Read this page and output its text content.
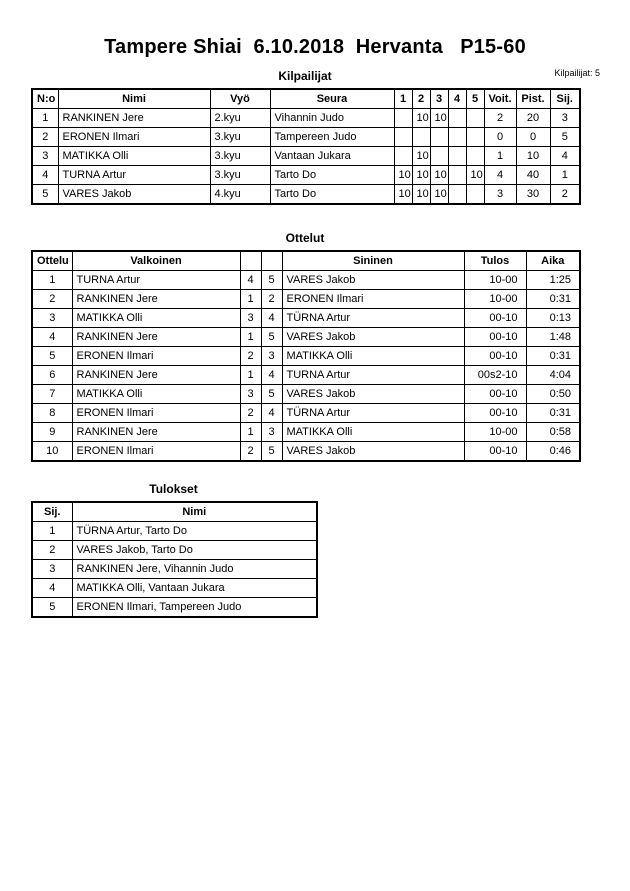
Tampere Shiai  6.10.2018  Hervanta   P15-60
Kilpailijat: 5
Kilpailijat
N:o	Nimi	Vyö	Seura	1	2	3	4	5	Voit.	Pist.	Sij.
1	RANKINEN Jere	2.kyu	Vihannin Judo		10	10			2	20	3
2	ERONEN Ilmari	3.kyu	Tampereen Judo						0	0	5
3	MATIKKA Olli	3.kyu	Vantaan Jukara		10				1	10	4
4	TURNA Artur	3.kyu	Tarto Do	10	10	10		10	4	40	1
5	VARES Jakob	4.kyu	Tarto Do	10	10	10			3	30	2
Ottelut
Ottelu	Valkoinen			Sininen	Tulos	Aika
1	TURNA Artur	4	5	VARES Jakob	10-00	1:25
2	RANKINEN Jere	1	2	ERONEN Ilmari	10-00	0:31
3	MATIKKA Olli	3	4	TÜRNA Artur	00-10	0:13
4	RANKINEN Jere	1	5	VARES Jakob	00-10	1:48
5	ERONEN Ilmari	2	3	MATIKKA Olli	00-10	0:31
6	RANKINEN Jere	1	4	TURNA Artur	00s2-10	4:04
7	MATIKKA Olli	3	5	VARES Jakob	00-10	0:50
8	ERONEN Ilmari	2	4	TÜRNA Artur	00-10	0:31
9	RANKINEN Jere	1	3	MATIKKA Olli	10-00	0:58
10	ERONEN Ilmari	2	5	VARES Jakob	00-10	0:46
Tulokset
Sij.	Nimi
1	TÜRNA Artur, Tarto Do
2	VARES Jakob, Tarto Do
3	RANKINEN Jere, Vihannin Judo
4	MATIKKA Olli, Vantaan Jukara
5	ERONEN Ilmari, Tampereen Judo
